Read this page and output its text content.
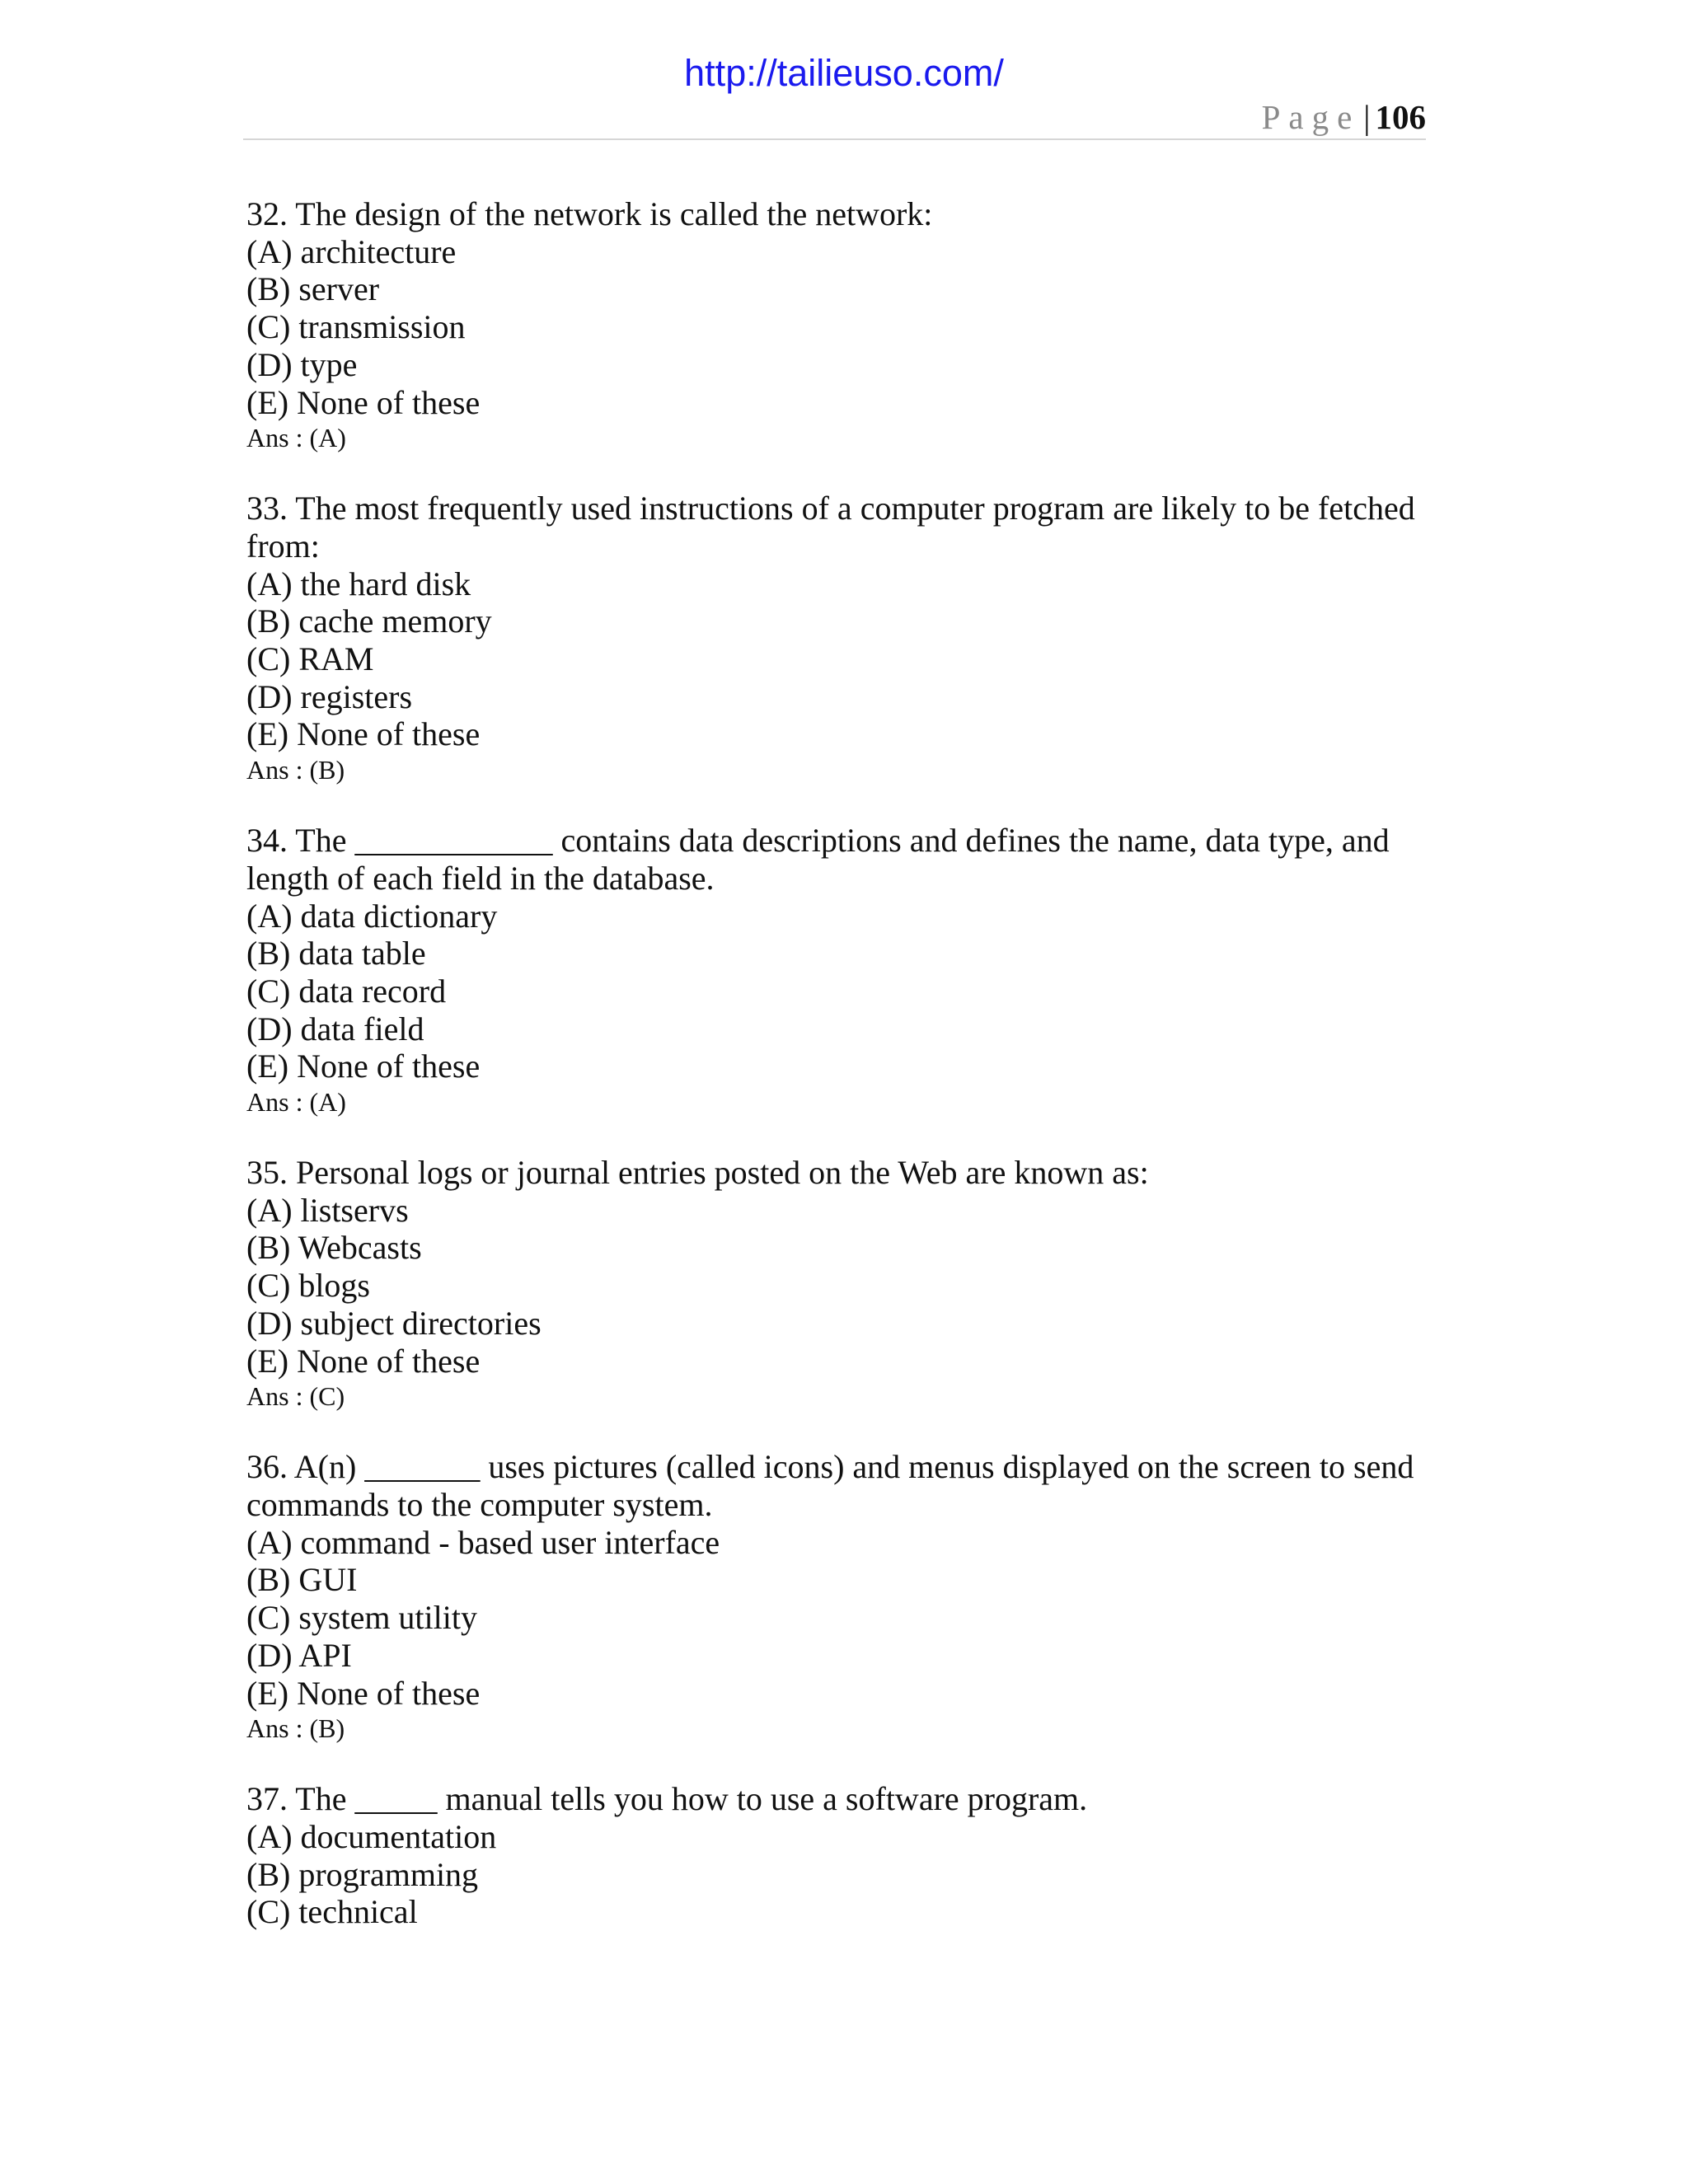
http://tailieuso.com/
Page| 106
32. The design of the network is called the network:
(A) architecture
(B) server
(C) transmission
(D) type
(E) None of these
Ans : (A)
33. The most frequently used instructions of a computer program are likely to be fetched from:
(A) the hard disk
(B) cache memory
(C) RAM
(D) registers
(E) None of these
Ans : (B)
34. The ____________ contains data descriptions and defines the name, data type, and length of each field in the database.
(A) data dictionary
(B) data table
(C) data record
(D) data field
(E) None of these
Ans : (A)
35. Personal logs or journal entries posted on the Web are known as:
(A) listservs
(B) Webcasts
(C) blogs
(D) subject directories
(E) None of these
Ans : (C)
36. A(n) _______ uses pictures (called icons) and menus displayed on the screen to send commands to the computer system.
(A) command - based user interface
(B) GUI
(C) system utility
(D) API
(E) None of these
Ans : (B)
37. The _____ manual tells you how to use a software program.
(A) documentation
(B) programming
(C) technical
